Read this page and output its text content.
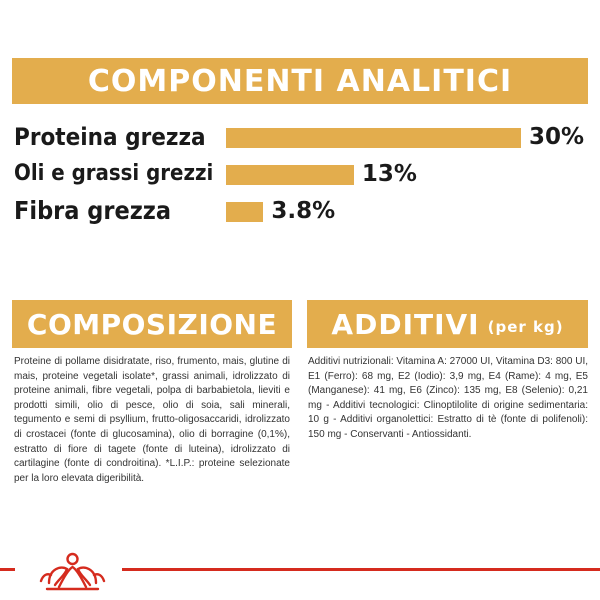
COMPONENTI ANALITICI
Proteina grezza	30%
Oli e grassi grezzi	13%
Fibra grezza	3.8%
COMPOSIZIONE ADDITIVI (per kg)
Proteine di pollame disidratate, riso, frumento, mais, glutine di mais, proteine vegetali isolate*, grassi animali, idrolizzato di proteine animali, fibre vegetali, polpa di barbabietola, lieviti e prodotti simili, olio di pesce, olio di soia, sali minerali, tegumento e semi di psyllium, frutto-oligosaccaridi, idrolizzato di crostacei (fonte di glucosamina), olio di borragine (0,1%), estratto di fiore di tagete (fonte di luteina), idrolizzato di cartilagine (fonte di condroitina). *L.I.P.: proteine selezionate per la loro elevata digeribilità.
Additivi nutrizionali: Vitamina A: 27000 UI, Vitamina D3: 800 UI, E1 (Ferro): 68 mg, E2 (Iodio): 3,9 mg, E4 (Rame): 4 mg, E5 (Manganese): 41 mg, E6 (Zinco): 135 mg, E8 (Selenio): 0,21 mg - Additivi tecnologici: Clinoptilolite di origine sedimentaria: 10 g - Additivi organolettici: Estratto di tè (fonte di polifenoli): 150 mg - Conservanti - Antiossidanti.
